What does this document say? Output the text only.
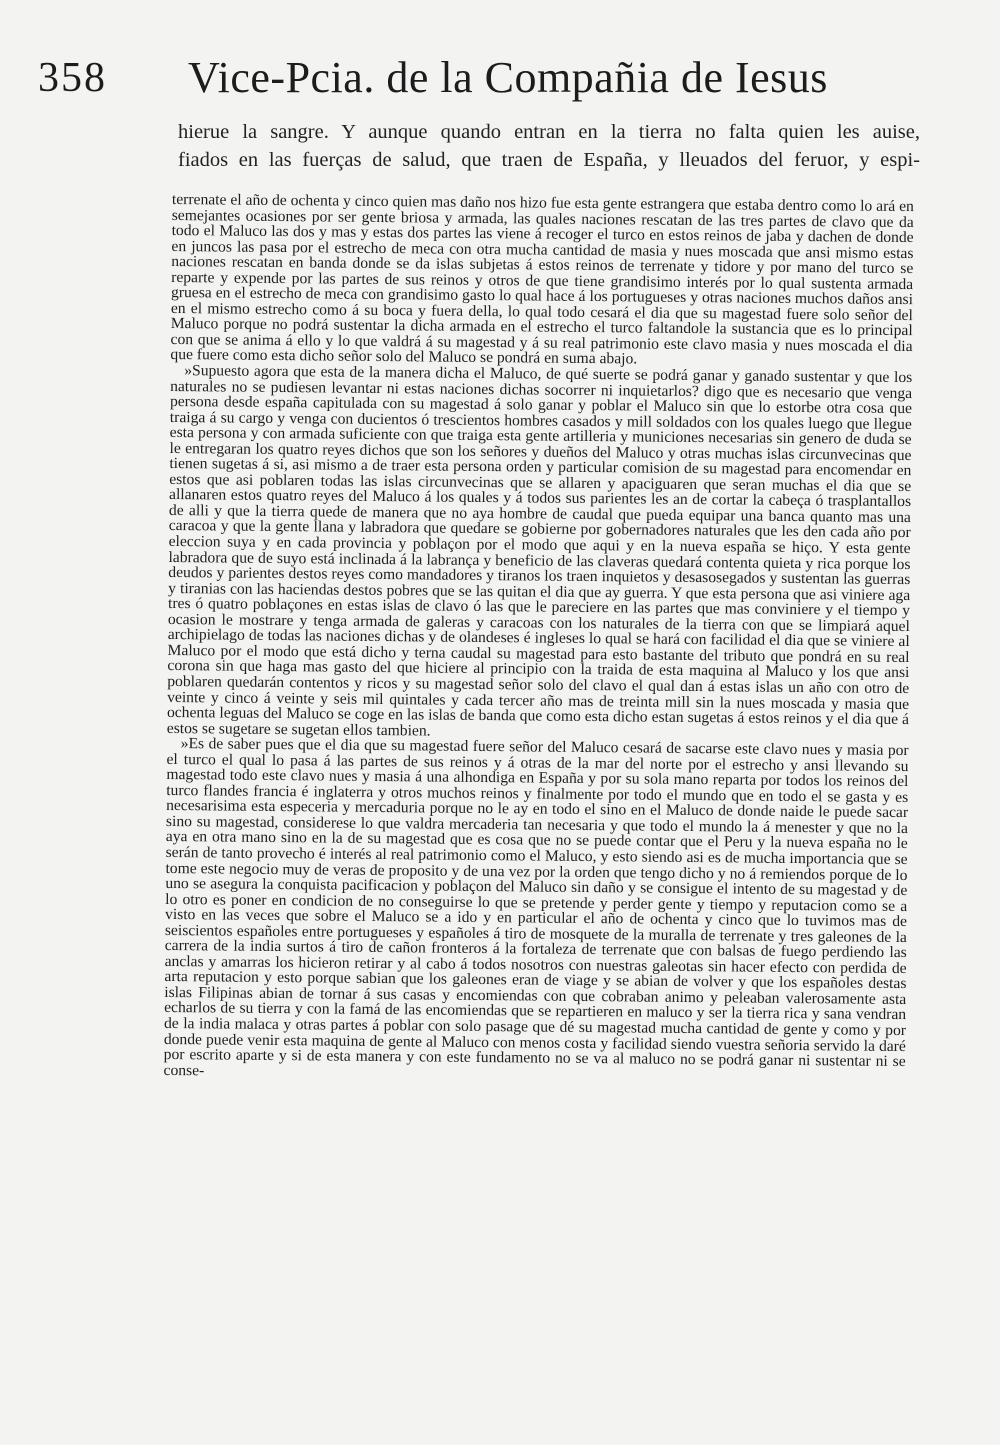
358 Vice-Pcia. de la Compañia de Iesus

hierue la sangre. Y aunque quando entran en la tierra no falta quien les auise,

fiados en las fuerças de salud, que traen de España, y lleuados del feruor, y espi-

terrenate el año de ochenta y cinco quien mas daño nos hizo fue esta gente estrangera que estaba dentro como lo ará en semejantes ocasiones por ser gente briosa y armada, las quales naciones rescatan de las tres partes de clavo que da todo el Maluco las dos y mas y estas dos partes las viene á recoger el turco en estos reinos de jaba y dachen de donde en juncos las pasa por el estrecho de meca con otra mucha cantidad de masia y nues moscada que ansi mismo estas naciones rescatan en banda donde se da islas subjetas á estos reinos de terrenate y tidore y por mano del turco se reparte y expende por las partes de sus reinos y otros de que tiene grandisimo interés por lo qual sustenta armada gruesa en el estrecho de meca con grandisimo gasto lo qual hace á los portugueses y otras naciones muchos daños ansi en el mismo estrecho como á su boca y fuera della, lo qual todo cesará el dia que su magestad fuere solo señor del Maluco porque no podrá sustentar la dicha armada en el estrecho el turco faltandole la sustancia que es lo principal con que se anima á ello y lo que valdrá á su magestad y á su real patrimonio este clavo masia y nues moscada el dia que fuere como esta dicho señor solo del Maluco se pondrá en suma abajo.

»Supuesto agora que esta de la manera dicha el Maluco, de qué suerte se podrá ganar y ganado sustentar y que los naturales no se pudiesen levantar ni estas naciones dichas socorrer ni inquietarlos? digo que es necesario que venga persona desde españa capitulada con su magestad á solo ganar y poblar el Maluco sin que lo estorbe otra cosa que traiga á su cargo y venga con ducientos ó trescientos hombres casados y mill soldados con los quales luego que llegue esta persona y con armada suficiente con que traiga esta gente artilleria y municiones necesarias sin genero de duda se le entregaran los quatro reyes dichos que son los señores y dueños del Maluco y otras muchas islas circunvecinas que tienen sugetas á si, asi mismo a de traer esta persona orden y particular comision de su magestad para encomendar en estos que asi poblaren todas las islas circunvecinas que se allaren y apaciguaren que seran muchas el dia que se allanaren estos quatro reyes del Maluco á los quales y á todos sus parientes les an de cortar la cabeça ó trasplantallos de alli y que la tierra quede de manera que no aya hombre de caudal que pueda equipar una banca quanto mas una caracoa y que la gente llana y labradora que quedare se gobierne por gobernadores naturales que les den cada año por eleccion suya y en cada provincia y poblaçon por el modo que aqui y en la nueva españa se hiço. Y esta gente labradora que de suyo está inclinada á la labrança y beneficio de las claveras quedará contenta quieta y rica porque los deudos y parientes destos reyes como mandadores y tiranos los traen inquietos y desasosegados y sustentan las guerras y tiranias con las haciendas destos pobres que se las quitan el dia que ay guerra. Y que esta persona que asi viniere aga tres ó quatro poblaçones en estas islas de clavo ó las que le pareciere en las partes que mas conviniere y el tiempo y ocasion le mostrare y tenga armada de galeras y caracoas con los naturales de la tierra con que se limpiará aquel archipielago de todas las naciones dichas y de olandeses é ingleses lo qual se hará con facilidad el dia que se viniere al Maluco por el modo que está dicho y terna caudal su magestad para esto bastante del tributo que pondrá en su real corona sin que haga mas gasto del que hiciere al principio con la traida de esta maquina al Maluco y los que ansi poblaren quedarán contentos y ricos y su magestad señor solo del clavo el qual dan á estas islas un año con otro de veinte y cinco á veinte y seis mil quintales y cada tercer año mas de treinta mill sin la nues moscada y masia que ochenta leguas del Maluco se coge en las islas de banda que como esta dicho estan sugetas á estos reinos y el dia que á estos se sugetare se sugetan ellos tambien.

»Es de saber pues que el dia que su magestad fuere señor del Maluco cesará de sacarse este clavo nues y masia por el turco el qual lo pasa á las partes de sus reinos y á otras de la mar del norte por el estrecho y ansi llevando su magestad todo este clavo nues y masia á una alhondiga en España y por su sola mano reparta por todos los reinos del turco flandes francia é inglaterra y otros muchos reinos y finalmente por todo el mundo que en todo el se gasta y es necesarisima esta especeria y mercaduria porque no le ay en todo el sino en el Maluco de donde naide le puede sacar sino su magestad, considerese lo que valdra mercaderia tan necesaria y que todo el mundo la á menester y que no la aya en otra mano sino en la de su magestad que es cosa que no se puede contar que el Peru y la nueva españa no le serán de tanto provecho é interés al real patrimonio como el Maluco, y esto siendo asi es de mucha importancia que se tome este negocio muy de veras de proposito y de una vez por la orden que tengo dicho y no á remiendos porque de lo uno se asegura la conquista pacificacion y poblaçon del Maluco sin daño y se consigue el intento de su magestad y de lo otro es poner en condicion de no conseguirse lo que se pretende y perder gente y tiempo y reputacion como se a visto en las veces que sobre el Maluco se a ido y en particular el año de ochenta y cinco que lo tuvimos mas de seiscientos españoles entre portugueses y españoles á tiro de mosquete de la muralla de terrenate y tres galeones de la carrera de la india surtos á tiro de cañon fronteros á la fortaleza de terrenate que con balsas de fuego perdiendo las anclas y amarras los hicieron retirar y al cabo á todos nosotros con nuestras galeotas sin hacer efecto con perdida de arta reputacion y esto porque sabian que los galeones eran de viage y se abian de volver y que los españoles destas islas Filipinas abian de tornar á sus casas y encomiendas con que cobraban animo y peleaban valerosamente asta echarlos de su tierra y con la famá de las encomiendas que se repartieren en maluco y ser la tierra rica y sana vendran de la india malaca y otras partes á poblar con solo pasage que dé su magestad mucha cantidad de gente y como y por donde puede venir esta maquina de gente al Maluco con menos costa y facilidad siendo vuestra señoria servido la daré por escrito aparte y si de esta manera y con este fundamento no se va al maluco no se podrá ganar ni sustentar ni se conse-
